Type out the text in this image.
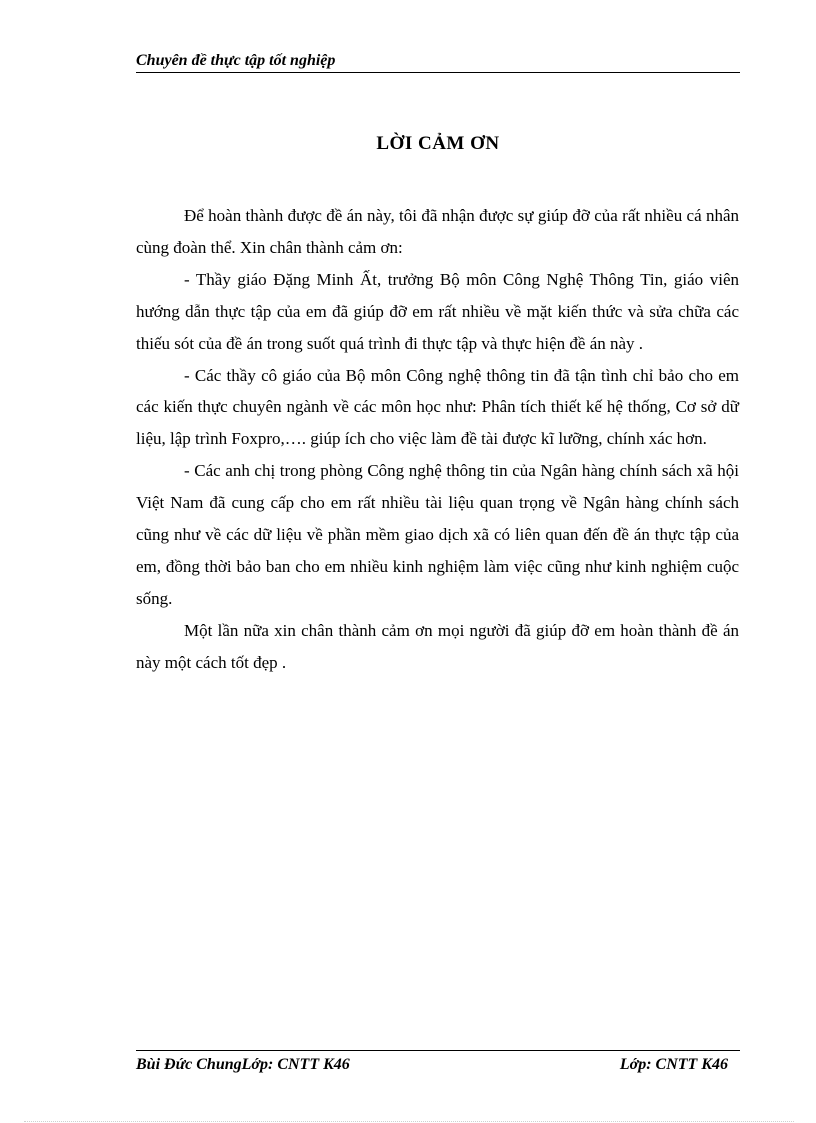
Chuyên đề thực tập tốt nghiệp
LỜI CẢM ƠN

Để hoàn thành được đề án này, tôi đã nhận được sự giúp đỡ của rất nhiều cá nhân cùng đoàn thể. Xin chân thành cảm ơn:

- Thầy giáo Đặng Minh Ất, trưởng Bộ môn Công Nghệ Thông Tin, giáo viên hướng dẫn thực tập của em đã giúp đỡ em rất nhiều về mặt kiến thức và sửa chữa các thiếu sót của đề án trong suốt quá trình đi thực tập và thực hiện đề án này .

- Các thầy cô giáo của Bộ môn Công nghệ thông tin đã tận tình chỉ bảo cho em các kiến thực chuyên ngành về các môn học như: Phân tích thiết kế hệ thống, Cơ sở dữ liệu, lập trình Foxpro,…. giúp ích cho việc làm đề tài được kĩ lưỡng, chính xác hơn.

- Các anh chị trong phòng Công nghệ thông tin của Ngân hàng chính sách xã hội Việt Nam đã cung cấp cho em rất nhiều tài liệu quan trọng về Ngân hàng chính sách cũng như về các dữ liệu về phần mềm giao dịch xã có liên quan đến đề án thực tập của em, đồng thời bảo ban cho em nhiều kinh nghiệm làm việc cũng như kinh nghiệm cuộc sống.

Một lần nữa xin chân thành cảm ơn mọi người đã giúp đỡ em hoàn thành đề án này một cách tốt đẹp .

Bùi Đức ChungLớp: CNTT K46	Lớp: CNTT K46
